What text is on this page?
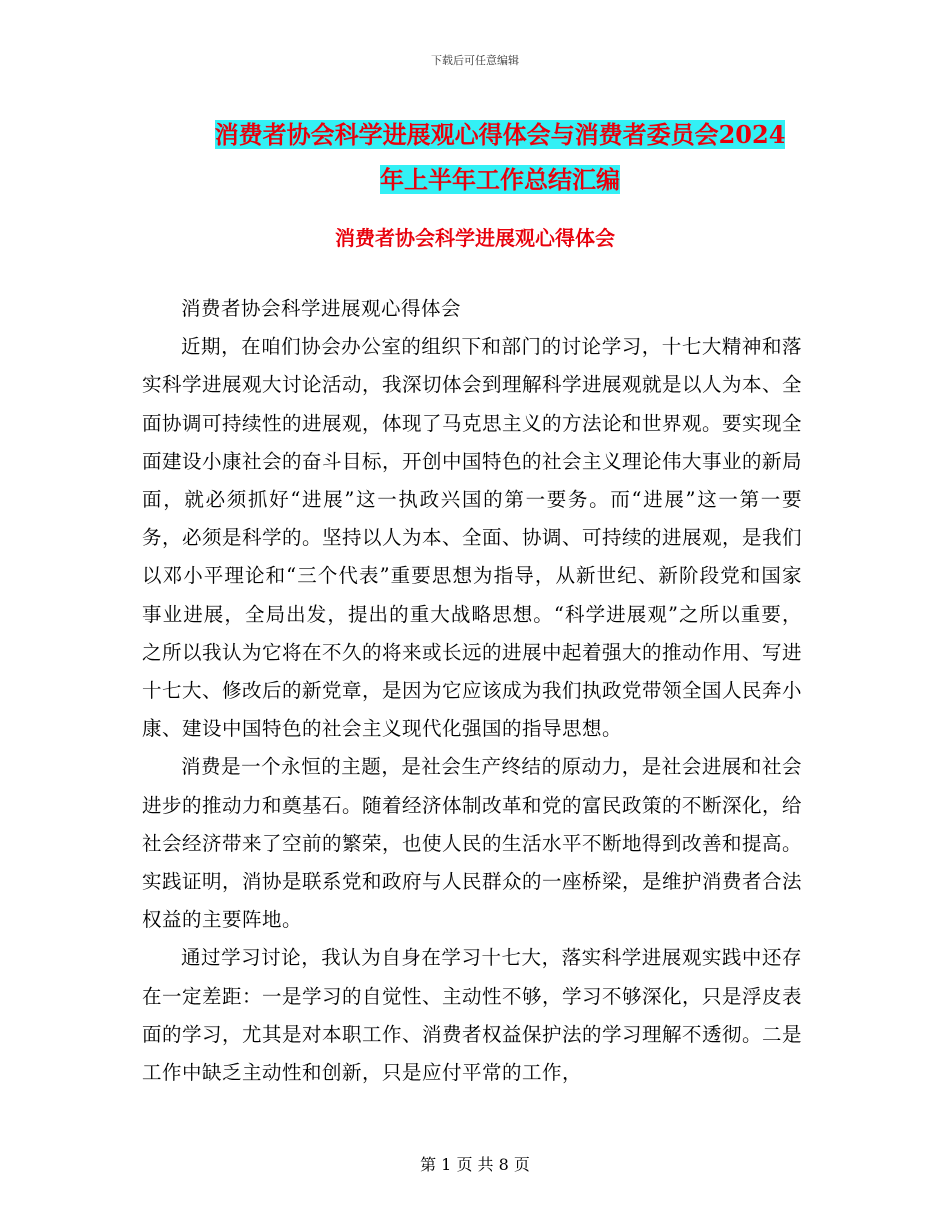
下载后可任意编辑
消费者协会科学进展观心得体会与消费者委员会2024
年上半年工作总结汇编
消费者协会科学进展观心得体会

消费者协会科学进展观心得体会

近期，在咱们协会办公室的组织下和部门的讨论学习，十七大精神和落实科学进展观大讨论活动，我深切体会到理解科学进展观就是以人为本、全面协调可持续性的进展观，体现了马克思主义的方法论和世界观。要实现全面建设小康社会的奋斗目标，开创中国特色的社会主义理论伟大事业的新局面，就必须抓好“进展”这一执政兴国的第一要务。而“进展”这一第一要务，必须是科学的。坚持以人为本、全面、协调、可持续的进展观，是我们以邓小平理论和“三个代表”重要思想为指导，从新世纪、新阶段党和国家事业进展，全局出发，提出的重大战略思想。“科学进展观”之所以重要，之所以我认为它将在不久的将来或长远的进展中起着强大的推动作用、写进十七大、修改后的新党章，是因为它应该成为我们执政党带领全国人民奔小康、建设中国特色的社会主义现代化强国的指导思想。

消费是一个永恒的主题，是社会生产终结的原动力，是社会进展和社会进步的推动力和奠基石。随着经济体制改革和党的富民政策的不断深化，给社会经济带来了空前的繁荣，也使人民的生活水平不断地得到改善和提高。实践证明，消协是联系党和政府与人民群众的一座桥梁，是维护消费者合法权益的主要阵地。

通过学习讨论，我认为自身在学习十七大，落实科学进展观实践中还存在一定差距：一是学习的自觉性、主动性不够，学习不够深化，只是浮皮表面的学习，尤其是对本职工作、消费者权益保护法的学习理解不透彻。二是工作中缺乏主动性和创新，只是应付平常的工作，

第 1 页 共 8 页
